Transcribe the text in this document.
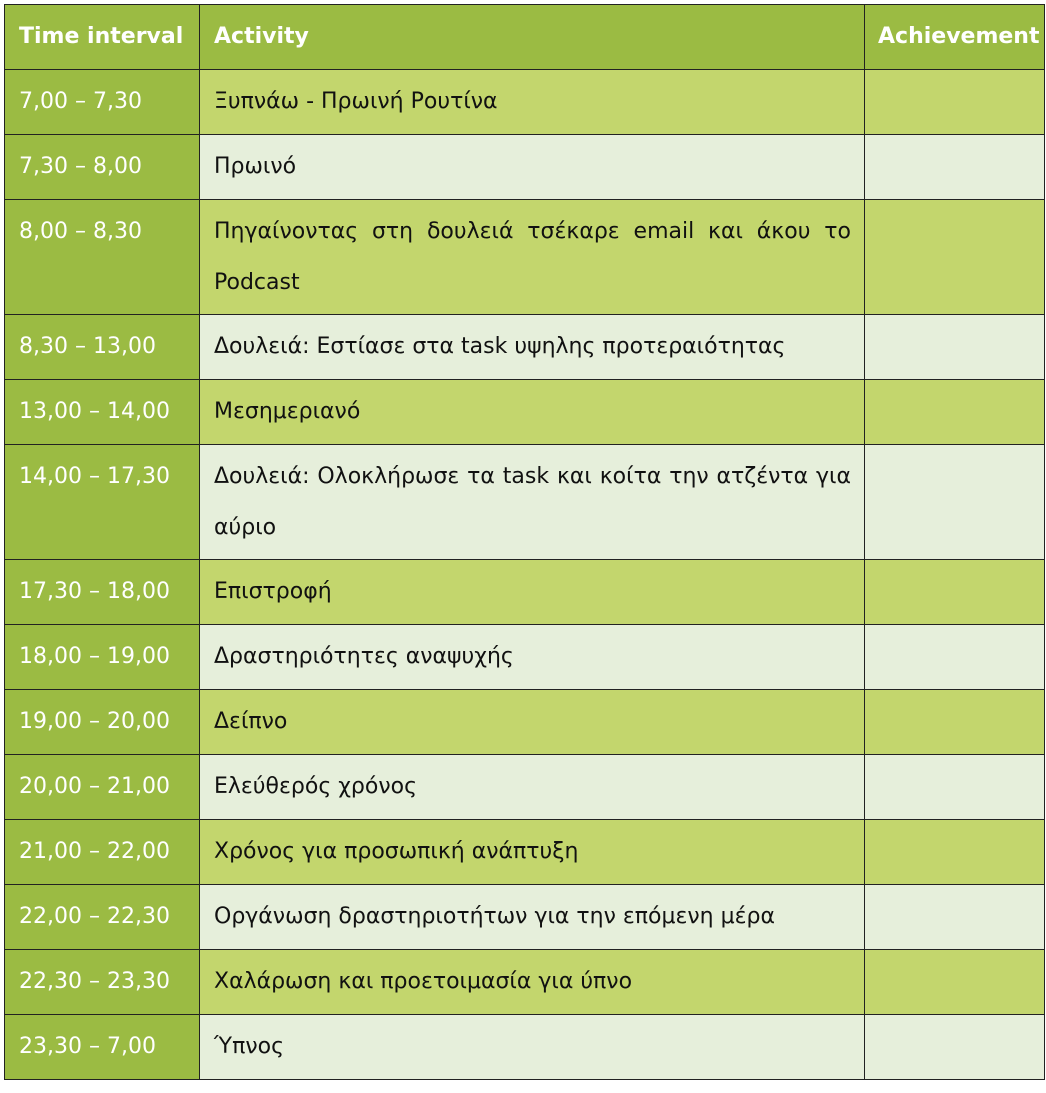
Time interval	Activity	Achievement
7,00 – 7,30	Ξυπνάω - Πρωινή Ρουτίνα	
7,30 – 8,00	Πρωινό	
8,00 – 8,30	Πηγαίνοντας στη δουλειά τσέκαρε email και άκου το Podcast	
8,30 – 13,00	Δουλειά: Εστίασε στα task υψηλης προτεραιότητας	
13,00 – 14,00	Μεσημεριανό	
14,00 – 17,30	Δουλειά: Ολοκλήρωσε τα task και κοίτα την ατζέντα για αύριο	
17,30 – 18,00	Επιστροφή	
18,00 – 19,00	Δραστηριότητες αναψυχής	
19,00 – 20,00	Δείπνο	
20,00 – 21,00	Ελεύθερός χρόνος	
21,00 – 22,00	Χρόνος για προσωπική ανάπτυξη	
22,00 – 22,30	Οργάνωση δραστηριοτήτων για την επόμενη μέρα	
22,30 – 23,30	Χαλάρωση και προετοιμασία για ύπνο	
23,30 – 7,00	Ύπνος	
